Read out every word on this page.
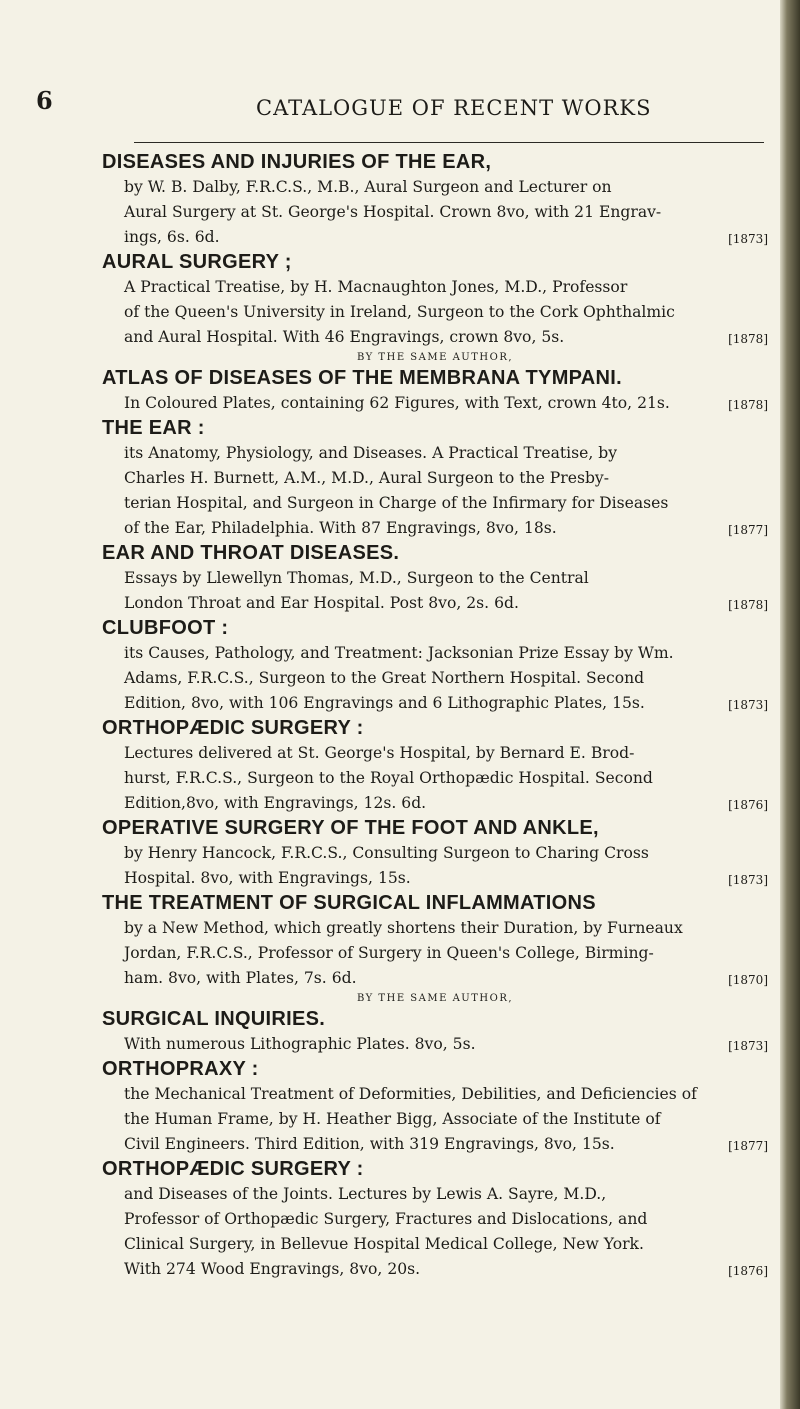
6	CATALOGUE OF RECENT WORKS
DISEASES AND INJURIES OF THE EAR,
by W. B. Dalby, F.R.C.S., M.B., Aural Surgeon and Lecturer on
Aural Surgery at St. George's Hospital. Crown 8vo, with 21 Engrav-
ings, 6s. 6d.	[1873]
AURAL SURGERY ;
A Practical Treatise, by H. Macnaughton Jones, M.D., Professor
of the Queen's University in Ireland, Surgeon to the Cork Ophthalmic
and Aural Hospital. With 46 Engravings, crown 8vo, 5s.	[1878]
BY THE SAME AUTHOR,
ATLAS OF DISEASES OF THE MEMBRANA TYMPANI.
In Coloured Plates, containing 62 Figures, with Text, crown 4to, 21s.	[1878]
THE EAR :
its Anatomy, Physiology, and Diseases. A Practical Treatise, by
Charles H. Burnett, A.M., M.D., Aural Surgeon to the Presby-
terian Hospital, and Surgeon in Charge of the Infirmary for Diseases
of the Ear, Philadelphia. With 87 Engravings, 8vo, 18s.	[1877]
EAR AND THROAT DISEASES.
Essays by Llewellyn Thomas, M.D., Surgeon to the Central
London Throat and Ear Hospital. Post 8vo, 2s. 6d.	[1878]
CLUBFOOT :
its Causes, Pathology, and Treatment: Jacksonian Prize Essay by Wm.
Adams, F.R.C.S., Surgeon to the Great Northern Hospital. Second
Edition, 8vo, with 106 Engravings and 6 Lithographic Plates, 15s.	[1873]
ORTHOPÆDIC SURGERY :
Lectures delivered at St. George's Hospital, by Bernard E. Brod-
hurst, F.R.C.S., Surgeon to the Royal Orthopædic Hospital. Second
Edition,8vo, with Engravings, 12s. 6d.	[1876]
OPERATIVE SURGERY OF THE FOOT AND ANKLE,
by Henry Hancock, F.R.C.S., Consulting Surgeon to Charing Cross
Hospital. 8vo, with Engravings, 15s.	[1873]
THE TREATMENT OF SURGICAL INFLAMMATIONS
by a New Method, which greatly shortens their Duration, by Furneaux
Jordan, F.R.C.S., Professor of Surgery in Queen's College, Birming-
ham. 8vo, with Plates, 7s. 6d.	[1870]
BY THE SAME AUTHOR,
SURGICAL INQUIRIES.
With numerous Lithographic Plates. 8vo, 5s.	[1873]
ORTHOPRAXY :
the Mechanical Treatment of Deformities, Debilities, and Deficiencies of
the Human Frame, by H. Heather Bigg, Associate of the Institute of
Civil Engineers. Third Edition, with 319 Engravings, 8vo, 15s.	[1877]
ORTHOPÆDIC SURGERY :
and Diseases of the Joints. Lectures by Lewis A. Sayre, M.D.,
Professor of Orthopædic Surgery, Fractures and Dislocations, and
Clinical Surgery, in Bellevue Hospital Medical College, New York.
With 274 Wood Engravings, 8vo, 20s.	[1876]
